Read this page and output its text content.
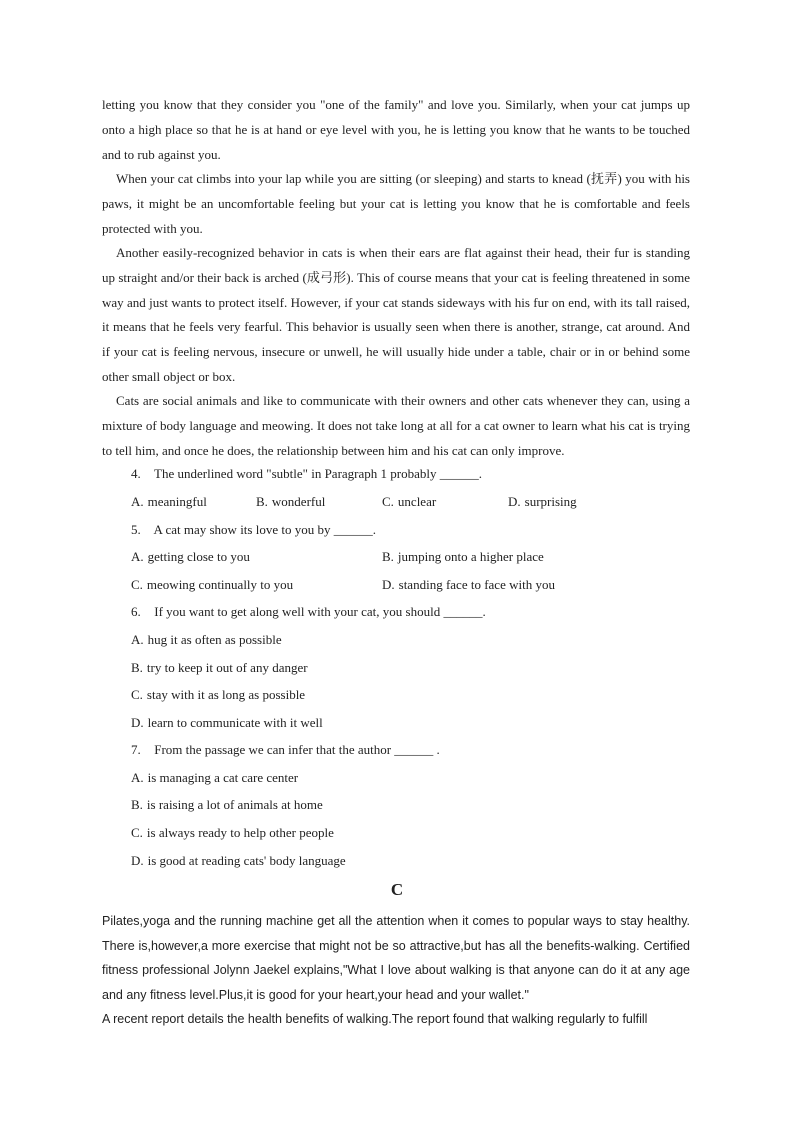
letting you know that they consider you "one of the family" and love you. Similarly, when your cat jumps up onto a high place so that he is at hand or eye level with you, he is letting you know that he wants to be touched and to rub against you.

When your cat climbs into your lap while you are sitting (or sleeping) and starts to knead (抚弄) you with his paws, it might be an uncomfortable feeling but your cat is letting you know that he is comfortable and feels protected with you.

Another easily-recognized behavior in cats is when their ears are flat against their head, their fur is standing up straight and/or their back is arched (成弓形). This of course means that your cat is feeling threatened in some way and just wants to protect itself. However, if your cat stands sideways with his fur on end, with its tall raised, it means that he feels very fearful. This behavior is usually seen when there is another, strange, cat around. And if your cat is feeling nervous, insecure or unwell, he will usually hide under a table, chair or in or behind some other small object or box.

Cats are social animals and like to communicate with their owners and other cats whenever they can, using a mixture of body language and meowing. It does not take long at all for a cat owner to learn what his cat is trying to tell him, and once he does, the relationship between him and his cat can only improve.

4. The underlined word "subtle" in Paragraph 1 probably ______.

A. meaningful	B. wonderful	C. unclear	D. surprising

5. A cat may show its love to you by ______.

A. getting close to you	B. jumping onto a higher place

C. meowing continually to you	D. standing face to face with you

6. If you want to get along well with your cat, you should ______.

A. hug it as often as possible

B. try to keep it out of any danger

C. stay with it as long as possible

D. learn to communicate with it well

7. From the passage we can infer that the author ______ .

A. is managing a cat care center

B. is raising a lot of animals at home

C. is always ready to help other people

D. is good at reading cats' body language

C

Pilates,yoga and the running machine get all the attention when it comes to popular ways to stay healthy. There is,however,a more exercise that might not be so attractive,but has all the benefits-walking. Certified fitness professional Jolynn Jaekel explains,"What I love about walking is that anyone can do it at any age and any fitness level.Plus,it is good for your heart,your head and your wallet."

A recent report details the health benefits of walking.The report found that walking regularly to fulfill
